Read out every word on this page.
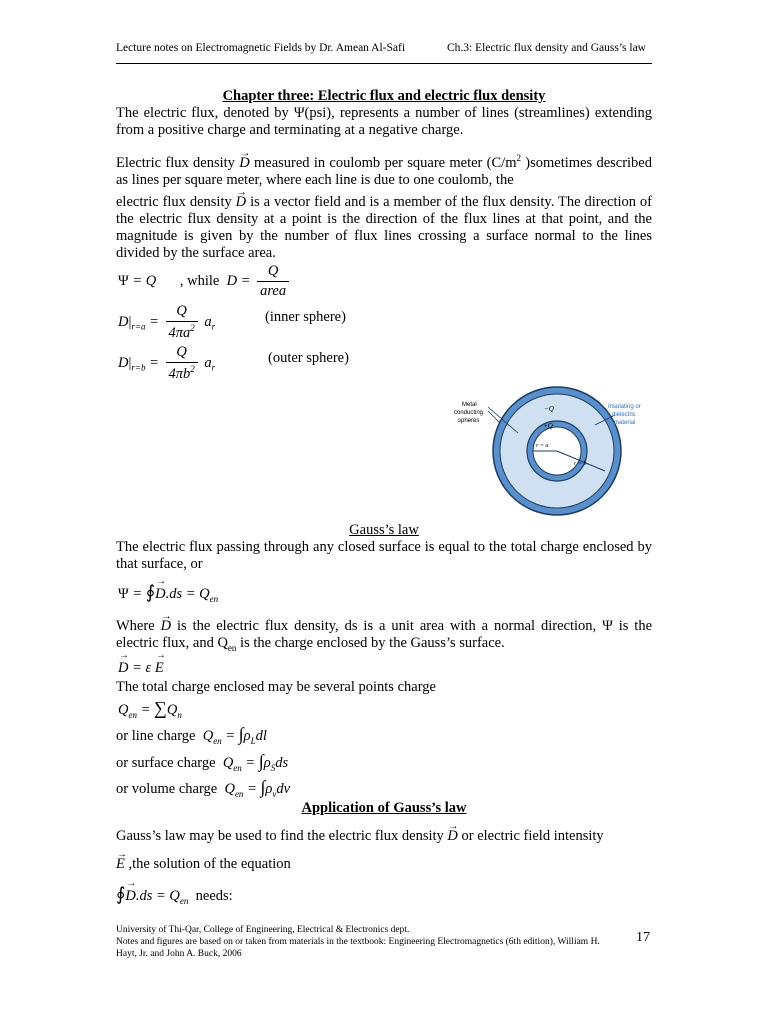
Lecture notes on Electromagnetic Fields by Dr. Amean Al-Safi	Ch.3: Electric flux density and Gauss’s law
Chapter three: Electric flux and electric flux density
The electric flux, denoted by Ψ(psi), represents a number of lines (streamlines) extending from a positive charge and terminating at a negative charge.
Electric flux density → D measured in coulomb per square meter ($C/m^2$ )sometimes described as lines per square meter, where each line is due to one coulomb, the
electric flux density → D is a vector field and is a member of the flux density. The direction of the electric flux density at a point is the direction of the flux lines at that point, and the magnitude is given by the number of flux lines crossing a surface normal to the lines divided by the surface area.
Ψ = Q , while  $D = \frac{Q}{\text{area}}$
$D|_{r=a} = \frac{Q}{4\pi a^2} a_r$
(inner sphere)
$D|_{r=b} = \frac{Q}{4\pi b^2} a_r$
(outer sphere)
Metal conducting spheres
Insulating or dielectric material
−Q
+Q
r = a
r = b
Gauss’s law
The electric flux passing through any closed surface is equal to the total charge enclosed by that surface, or
Ψ = ∮→ $D.ds = Q_{en}$
Where → D is the electric flux density, ds is a unit area with a normal direction, Ψ is the electric flux, and $Q_{en}$ is the charge enclosed by the Gauss’s surface.
→ D = ε → E
The total charge enclosed may be several points charge
$Q_{en} = \sum Q_n$
or line charge  $Q_{en} = \int\rho_Ldl$
or surface charge  $Q_{en} = \int\rho_Sds$
or volume charge  $Q_{en} = \int\rho_vdv$
Application of Gauss’s law
Gauss’s law may be used to find the electric flux density → D or electric field intensity
→ E ,the solution of the equation
∮→ $D.ds = Q_{en}$ needs:
University of Thi-Qar, College of Engineering, Electrical & Electronics dept.
Notes and figures are based on or taken from materials in the textbook: Engineering Electromagnetics (6th edition), William H.
Hayt, Jr. and John A. Buck, 2006
17
